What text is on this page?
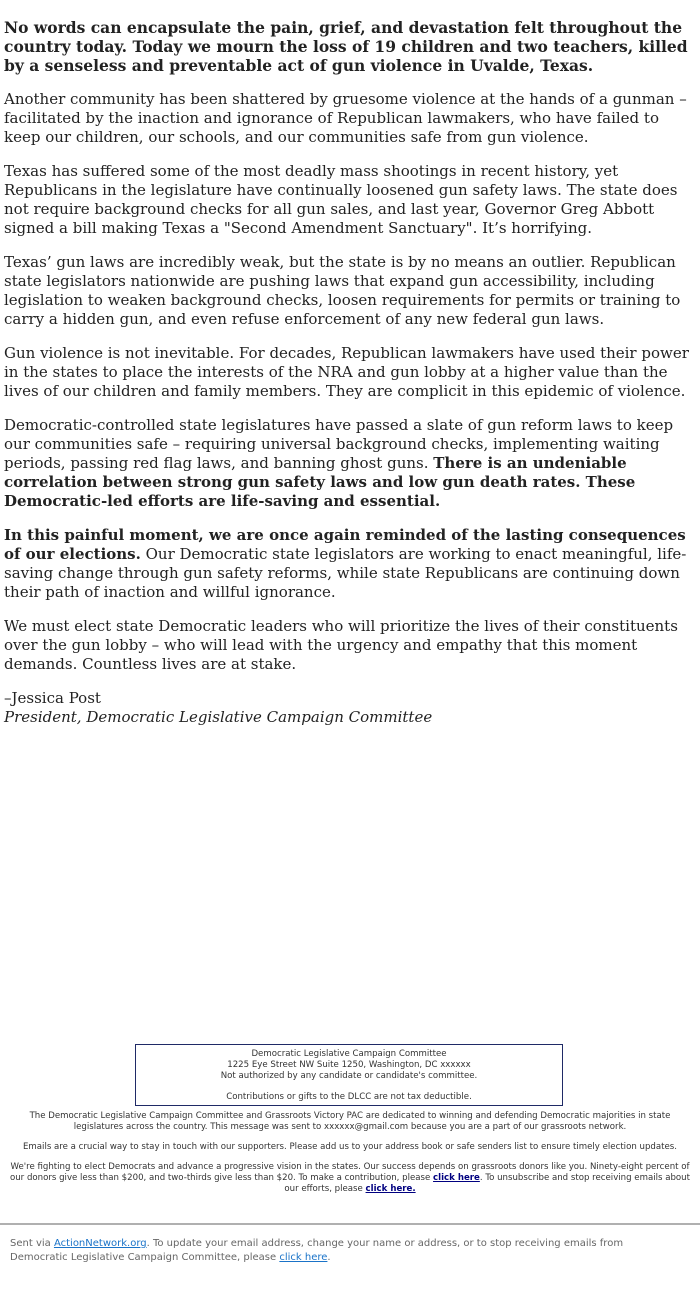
No words can encapsulate the pain, grief, and devastation felt throughout the country today. Today we mourn the loss of 19 children and two teachers, killed by a senseless and preventable act of gun violence in Uvalde, Texas.

Another community has been shattered by gruesome violence at the hands of a gunman – facilitated by the inaction and ignorance of Republican lawmakers, who have failed to keep our children, our schools, and our communities safe from gun violence.

Texas has suffered some of the most deadly mass shootings in recent history, yet Republicans in the legislature have continually loosened gun safety laws. The state does not require background checks for all gun sales, and last year, Governor Greg Abbott signed a bill making Texas a "Second Amendment Sanctuary". It’s horrifying.

Texas’ gun laws are incredibly weak, but the state is by no means an outlier. Republican state legislators nationwide are pushing laws that expand gun accessibility, including legislation to weaken background checks, loosen requirements for permits or training to carry a hidden gun, and even refuse enforcement of any new federal gun laws.

Gun violence is not inevitable. For decades, Republican lawmakers have used their power in the states to place the interests of the NRA and gun lobby at a higher value than the lives of our children and family members. They are complicit in this epidemic of violence.

Democratic-controlled state legislatures have passed a slate of gun reform laws to keep our communities safe – requiring universal background checks, implementing waiting periods, passing red flag laws, and banning ghost guns. There is an undeniable correlation between strong gun safety laws and low gun death rates. These Democratic-led efforts are life-saving and essential.

In this painful moment, we are once again reminded of the lasting consequences of our elections. Our Democratic state legislators are working to enact meaningful, life-saving change through gun safety reforms, while state Republicans are continuing down their path of inaction and willful ignorance.

We must elect state Democratic leaders who will prioritize the lives of their constituents over the gun lobby – who will lead with the urgency and empathy that this moment demands. Countless lives are at stake.

–Jessica Post
President, Democratic Legislative Campaign Committee
Democratic Legislative Campaign Committee
1225 Eye Street NW Suite 1250, Washington, DC xxxxxx
Not authorized by any candidate or candidate's committee.
Contributions or gifts to the DLCC are not tax deductible.

The Democratic Legislative Campaign Committee and Grassroots Victory PAC are dedicated to winning and defending Democratic majorities in state legislatures across the country. This message was sent to xxxxxx@gmail.com because you are a part of our grassroots network.

Emails are a crucial way to stay in touch with our supporters. Please add us to your address book or safe senders list to ensure timely election updates.

We're fighting to elect Democrats and advance a progressive vision in the states. Our success depends on grassroots donors like you. Ninety-eight percent of our donors give less than $200, and two-thirds give less than $20. To make a contribution, please click here. To unsubscribe and stop receiving emails about our efforts, please click here.

Sent via ActionNetwork.org. To update your email address, change your name or address, or to stop receiving emails from Democratic Legislative Campaign Committee, please click here.
